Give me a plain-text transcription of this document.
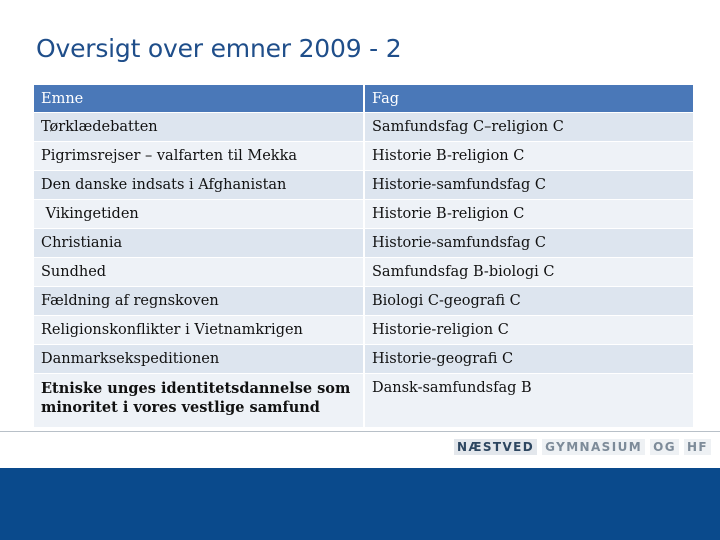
Oversigt over emner 2009 - 2
Emne	Fag
Tørklædebatten	Samfundsfag C–religion C
Pigrimsrejser – valfarten til Mekka	Historie B-religion C
Den danske indsats i Afghanistan	Historie-samfundsfag C
Vikingetiden	Historie B-religion C
Christiania	Historie-samfundsfag C
Sundhed	Samfundsfag B-biologi C
Fældning af regnskoven	Biologi C-geografi C
Religionskonflikter i Vietnamkrigen	Historie-religion C
Danmarksekspeditionen	Historie-geografi C
Etniske unges identitetsdannelse som minoritet i vores vestlige samfund	Dansk-samfundsfag B
NÆSTVED GYMNASIUM OG HF
